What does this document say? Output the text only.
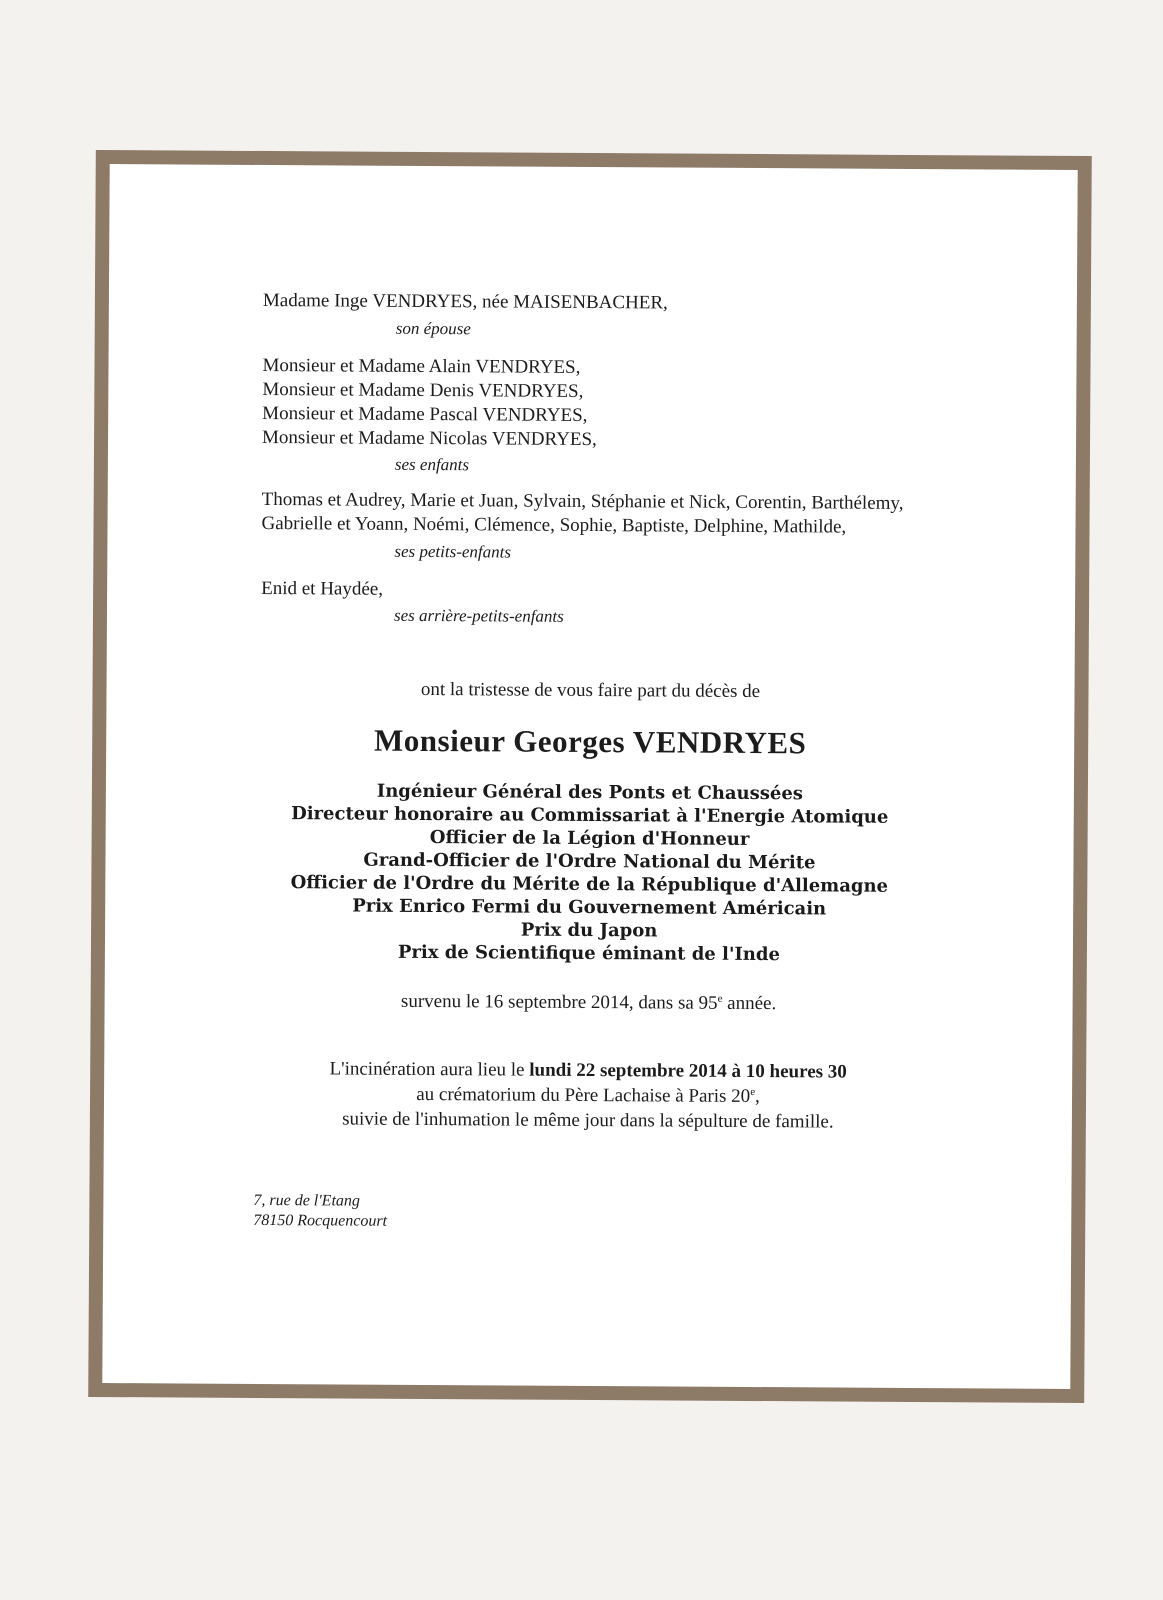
Madame Inge VENDRYES, née MAISENBACHER,

son épouse

Monsieur et Madame Alain VENDRYES,

Monsieur et Madame Denis VENDRYES,

Monsieur et Madame Pascal VENDRYES,

Monsieur et Madame Nicolas VENDRYES,

ses enfants

Thomas et Audrey, Marie et Juan, Sylvain, Stéphanie et Nick, Corentin, Barthélemy,

Gabrielle et Yoann, Noémi, Clémence, Sophie, Baptiste, Delphine, Mathilde,

ses petits-enfants

Enid et Haydée,

ses arrière-petits-enfants

ont la tristesse de vous faire part du décès de

Monsieur Georges VENDRYES

Ingénieur Général des Ponts et Chaussées
Directeur honoraire au Commissariat à l'Energie Atomique
Officier de la Légion d'Honneur
Grand-Officier de l'Ordre National du Mérite
Officier de l'Ordre du Mérite de la République d'Allemagne
Prix Enrico Fermi du Gouvernement Américain
Prix du Japon
Prix de Scientifique éminant de l'Inde

survenu le 16 septembre 2014, dans sa 95e année.

L'incinération aura lieu le lundi 22 septembre 2014 à 10 heures 30

au crématorium du Père Lachaise à Paris 20e,

suivie de l'inhumation le même jour dans la sépulture de famille.

7, rue de l'Etang

78150 Rocquencourt
